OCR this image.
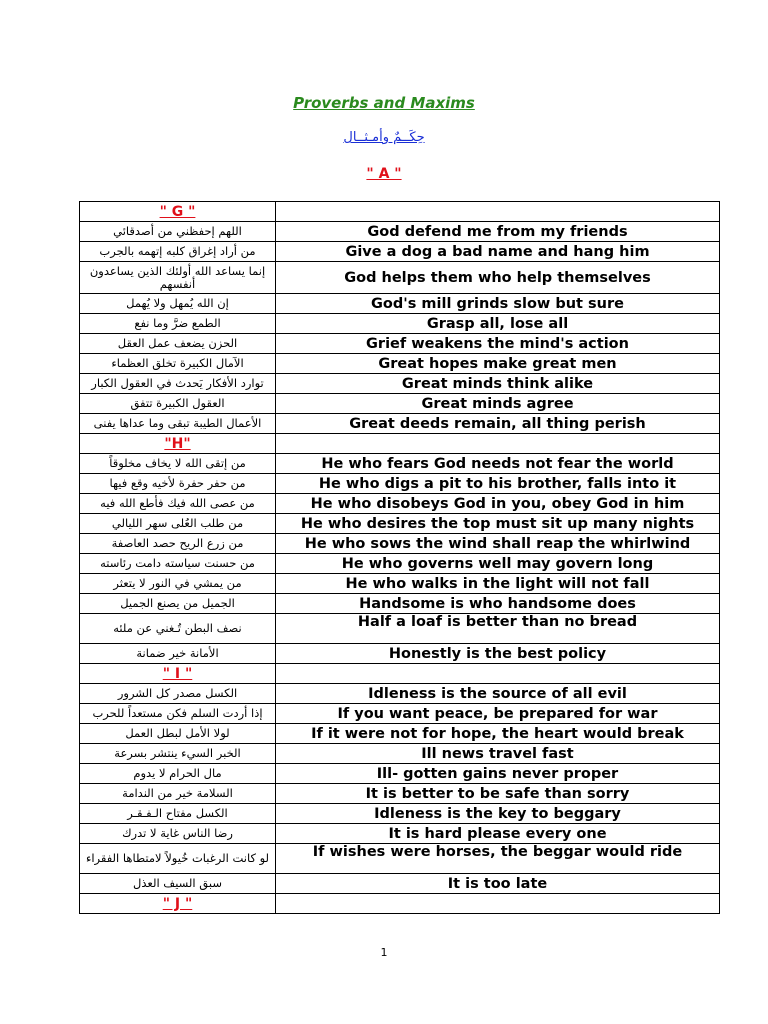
Proverbs and Maxims
حِكَــمٌ وأمـثــال
" A "
" G "	
اللهم إحفظني من أصدقائي	God defend me from my friends
من أراد إغراق كلبه إتهمه بالجرب	Give a dog a bad name and hang him
إنما يساعد الله أولئك الذين يساعدون أنفسهم	God helps them who help themselves
إن الله يُمهل ولا يُهمل	God's mill grinds slow but sure
الطمع ضرَّ وما نفع	Grasp all, lose all
الحزن يضعف عمل العقل	Grief weakens the mind's action
الآمال الكبيرة تخلق العظماء	Great hopes make great men
توارد الأفكار يَحدث في العقول الكبار	Great minds think alike
العقول الكبيرة تتفق	Great minds agree
الأعمال الطيبة تبقى وما عداها يفنى	Great deeds remain, all thing perish
"H"	
من إتقى الله لا يخاف مخلوقاً	He who fears God needs not fear the world
من حفر حفرة لأخيه وقع فيها	He who digs a pit to his brother, falls into it
من عصى الله فيك فأطع الله فيه	He who disobeys God in you, obey God in him
من طلب العُلى سهر الليالي	He who desires the top must sit up many nights
من زرع الريح حصد العاصفة	He who sows the wind shall reap the whirlwind
من حسنت سياسته دامت رئاسته	He who governs well may govern long
من يمشي في النور لا يتعثر	He who walks in the light will not fall
الجميل من يصنع الجميل	Handsome is who handsome does
نصف البطن تُـغني عن ملئه	Half a loaf is better than no bread
الأمانة خير ضمانة	Honestly is the best policy
" I "	
الكسل مصدر كل الشرور	Idleness is the source of all evil
إذا أردت السلم فكن مستعداً للحرب	If you want peace, be prepared for war
لولا الأمل لبطل العمل	If it were not for hope, the heart would break
الخبر السيء ينتشر بسرعة	Ill news travel fast
مال الحرام لا يدوم	Ill- gotten gains never proper
السلامة خير من الندامة	It is better to be safe than sorry
الكسل مفتاح الـفـقـر	Idleness is the key to beggary
رضا الناس غاية لا تدرك	It is hard please every one
لو كانت الرغبات خُيولاً لامتطاها الفقراء	If wishes were horses, the beggar would ride
سبق السيف العذل	It is too late
" J "	
1
